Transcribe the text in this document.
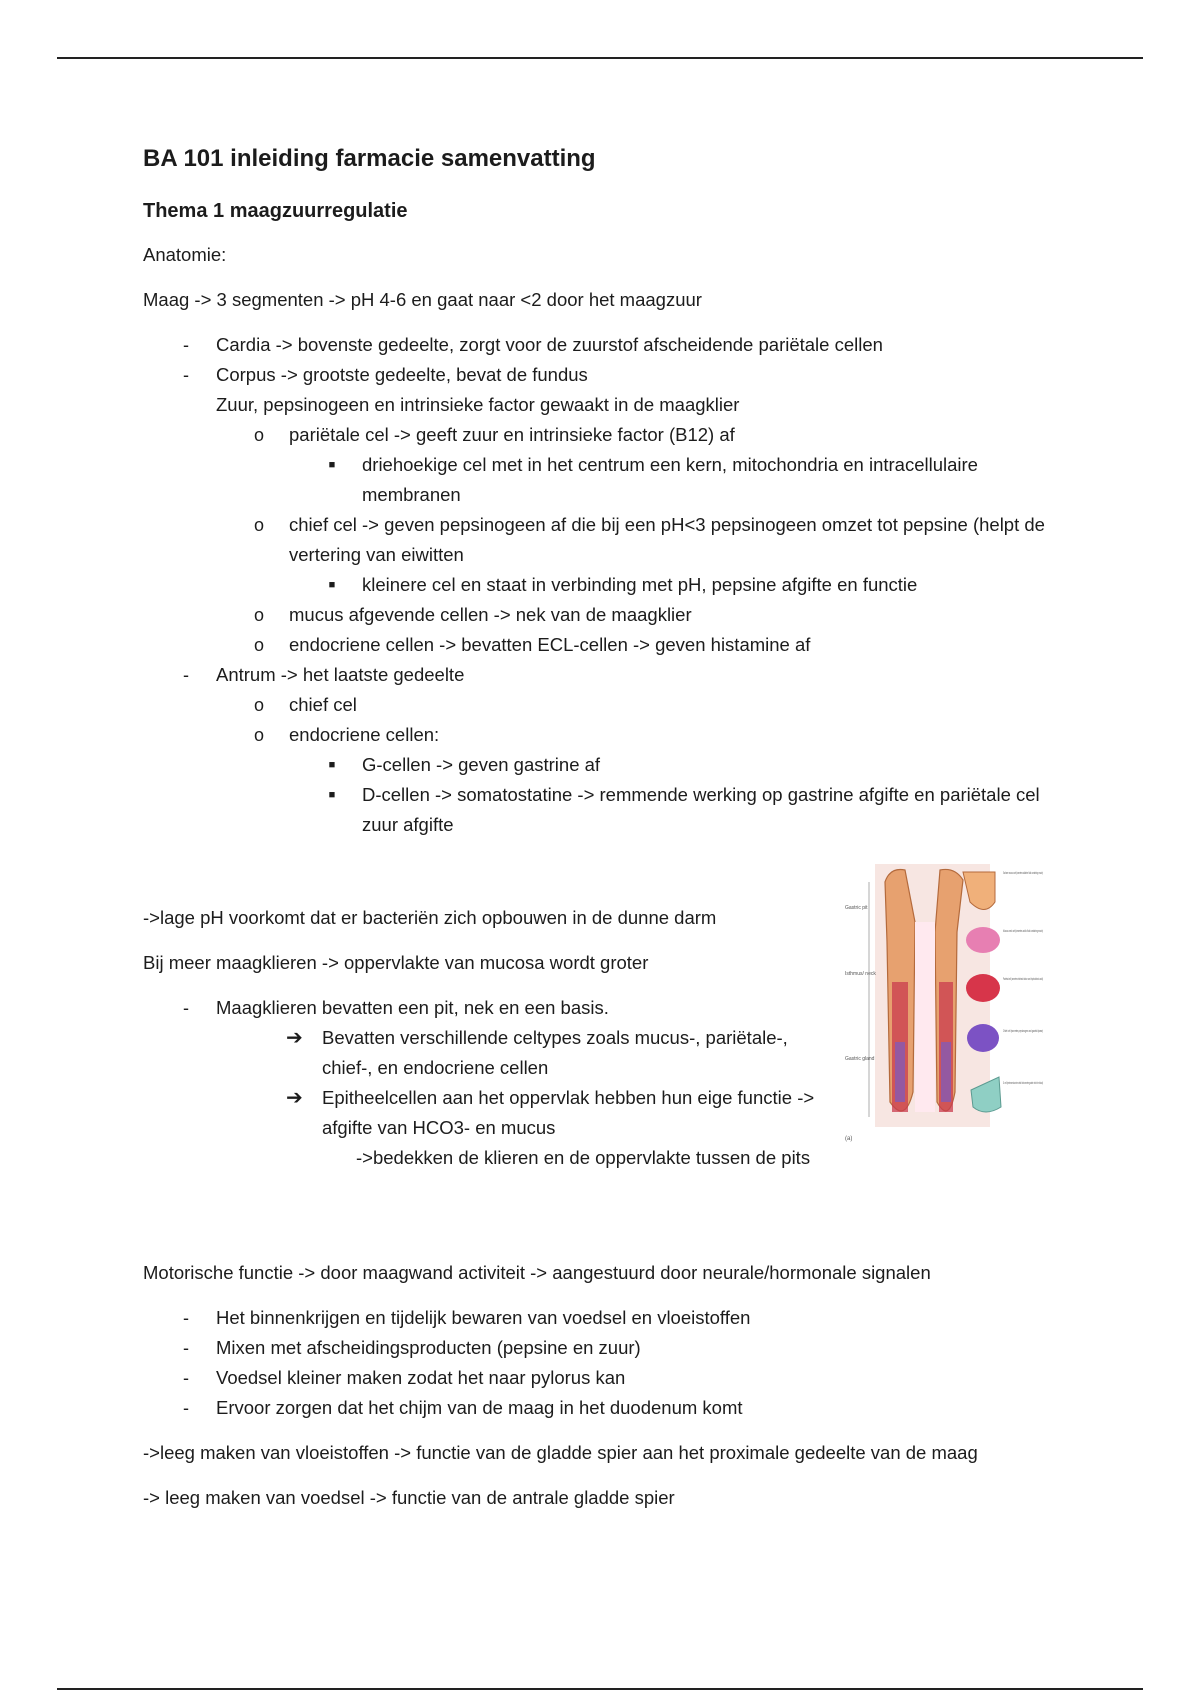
BA 101 inleiding farmacie samenvatting
Thema 1 maagzuurregulatie

Anatomie:

Maag -> 3 segmenten -> pH 4-6 en gaat naar <2 door het maagzuur

- Cardia -> bovenste gedeelte, zorgt voor de zuurstof afscheidende pariëtale cellen
- Corpus -> grootste gedeelte, bevat de fundus
Zuur, pepsinogeen en intrinsieke factor gewaakt in de maagklier
o pariëtale cel -> geeft zuur en intrinsieke factor (B12) af
■ driehoekige cel met in het centrum een kern, mitochondria en intracellulaire membranen
o chief cel -> geven pepsinogeen af die bij een pH<3 pepsinogeen omzet tot pepsine (helpt de vertering van eiwitten
■ kleinere cel en staat in verbinding met pH, pepsine afgifte en functie
o mucus afgevende cellen -> nek van de maagklier
o endocriene cellen -> bevatten ECL-cellen -> geven histamine af
- Antrum -> het laatste gedeelte
o chief cel
o endocriene cellen:
■ G-cellen -> geven gastrine af
■ D-cellen -> somatostatine -> remmende werking op gastrine afgifte en pariëtale cel zuur afgifte

->lage pH voorkomt dat er bacteriën zich opbouwen in de dunne darm

Bij meer maagklieren -> oppervlakte van mucosa wordt groter

- Maagklieren bevatten een pit, nek en een basis.
➔ Bevatten verschillende celtypes zoals mucus-, pariëtale-, chief-, en endocriene cellen
➔ Epitheelcellen aan het oppervlak hebben hun eige functie -> afgifte van HCO3- en mucus
->bedekken de klieren en de oppervlakte tussen de pits
Gastric pit
Isthmus/ neck
Gastric gland
Surface mucous cell (secretes alkaline fluid containing mucin)
Mucous neck cell (secretes acidic fluid containing mucin)
Parietal cell (secretes intrinsic factor and hydrochloric acid)
Chief cell (secretes pepsinogen and gastric lipase)
G cell (enteroendocrine cells that secrete gastrin into the blood)
(a)

Motorische functie -> door maagwand activiteit -> aangestuurd door neurale/hormonale signalen

- Het binnenkrijgen en tijdelijk bewaren van voedsel en vloeistoffen
- Mixen met afscheidingsproducten (pepsine en zuur)
- Voedsel kleiner maken zodat het naar pylorus kan
- Ervoor zorgen dat het chijm van de maag in het duodenum komt

->leeg maken van vloeistoffen -> functie van de gladde spier aan het proximale gedeelte van de maag

-> leeg maken van voedsel -> functie van de antrale gladde spier
